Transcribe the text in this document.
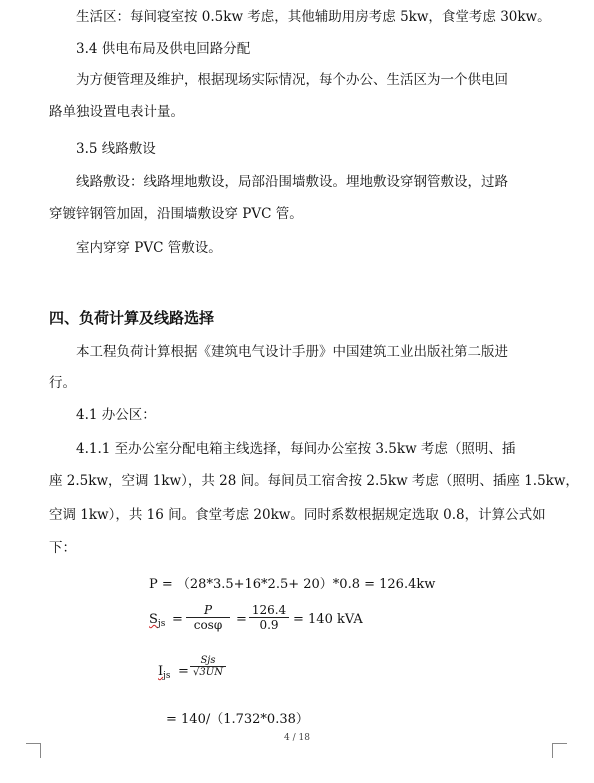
生活区：每间寝室按 0.5kw 考虑，其他辅助用房考虑 5kw，食堂考虑 30kw。
3.4 供电布局及供电回路分配
为方便管理及维护，根据现场实际情况，每个办公、生活区为一个供电回
路单独设置电表计量。
3.5 线路敷设
线路敷设：线路埋地敷设，局部沿围墙敷设。埋地敷设穿钢管敷设，过路
穿镀锌钢管加固，沿围墙敷设穿 PVC 管。
室内穿穿 PVC 管敷设。
四、负荷计算及线路选择
本工程负荷计算根据《建筑电气设计手册》中国建筑工业出版社第二版进
行。
4.1 办公区：
4.1.1 至办公室分配电箱主线选择，每间办公室按 3.5kw 考虑（照明、插
座 2.5kw，空调 1kw），共 28 间。每间员工宿舍按 2.5kw 考虑（照明、插座 1.5kw，
空调 1kw），共 16 间。食堂考虑 20kw。同时系数根据规定选取 0.8，计算公式如
下：
P = （28*3.5+16*2.5+ 20）*0.8 = 126.4kw
$S_{js} = \frac{P}{\cos\varphi} = \frac{126.4}{0.9} = 140$ kVA
$I_{js}$ =
Sjs
√3UN
= 140/（1.732*0.38）
4 / 18
